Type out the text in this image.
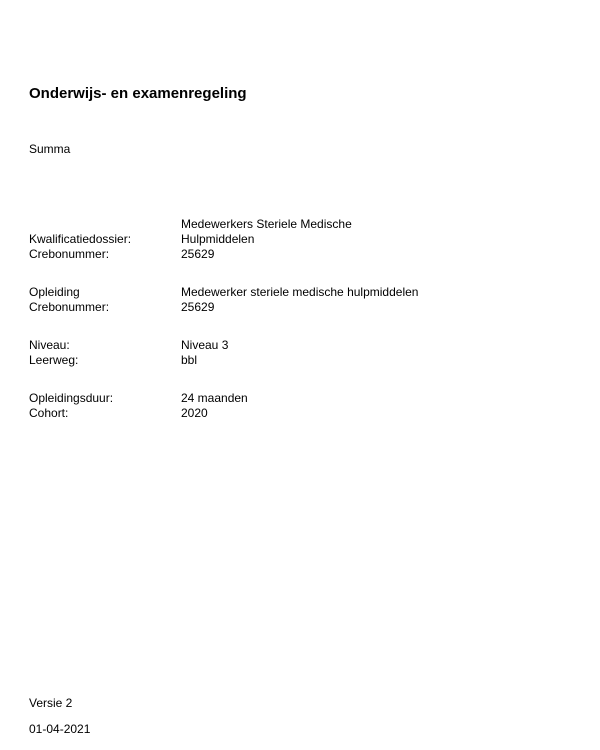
Onderwijs- en examenregeling
Summa
Kwalificatiedossier:
Medewerkers Steriele Medische Hulpmiddelen
Crebonummer:	25629
Opleiding	Medewerker steriele medische hulpmiddelen
Crebonummer:	25629
Niveau:	Niveau 3
Leerweg:	bbl
Opleidingsduur:	24 maanden
Cohort:	2020
Versie 2
01-04-2021
